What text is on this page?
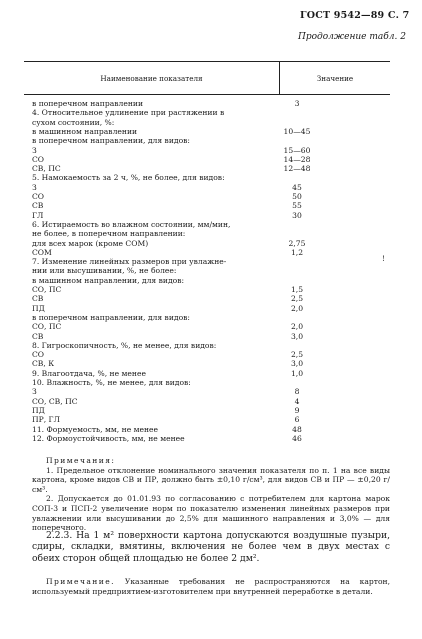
ГОСТ 9542—89 С. 7
Продолжение табл. 2
Наименование показателя	Значение
в поперечном направлении	3
4. Относительное удлинение при растяжении в
сухом состоянии, %:
в машинном направлении	10—45
в поперечном направлении, для видов:
З	15—60
СО	14—28
СВ, ПС	12—48
5. Намокаемость за 2 ч, %, не более, для видов:
З	45
СО	50
СВ	55
ГЛ	30
6. Истираемость во влажном состоянии, мм/мин,
не более, в поперечном направлении:
для всех марок (кроме СОМ)	2,75
СОМ	1,2
7. Изменение линейных размеров при увлажне-
нии или высушивании, %, не более:
в машинном направлении, для видов:
СО, ПС	1,5
СВ	2,5
ПД	2,0
в поперечном направлении, для видов:
СО, ПС	2,0
СВ	3,0
8. Гигроскопичность, %, не менее, для видов:
СО	2,5
СВ, К	3,0
9. Влагоотдача, %, не менее	1,0
10. Влажность, %, не менее, для видов:
З	8
СО, СВ, ПС	4
ПД	9
ПР, ГЛ	6
11. Формуемость, мм, не менее	48
12. Формоустойчивость, мм, не менее	46
!

Примечания:

1. Предельное отклонение номинального значения показателя по п. 1 на все виды картона, кроме видов СВ и ПР, должно быть ±0,10 г/см³, для видов СВ и ПР — ±0,20 г/см³.

2. Допускается до 01.01.93 по согласованию с потребителем для картона марок СОП-3 и ПСП-2 увеличение норм по показателю изменения линейных размеров при увлажнении или высушивании до 2,5% для машинного направления и 3,0% — для поперечного.

2.2.3. На 1 м² поверхности картона допускаются воздушные пузыри, сдиры, складки, вмятины, включения не более чем в двух местах с обеих сторон общей площадью не более 2 дм².

Примечание. Указанные требования не распространяются на картон, используемый предприятием-изготовителем при внутренней переработке в детали.
